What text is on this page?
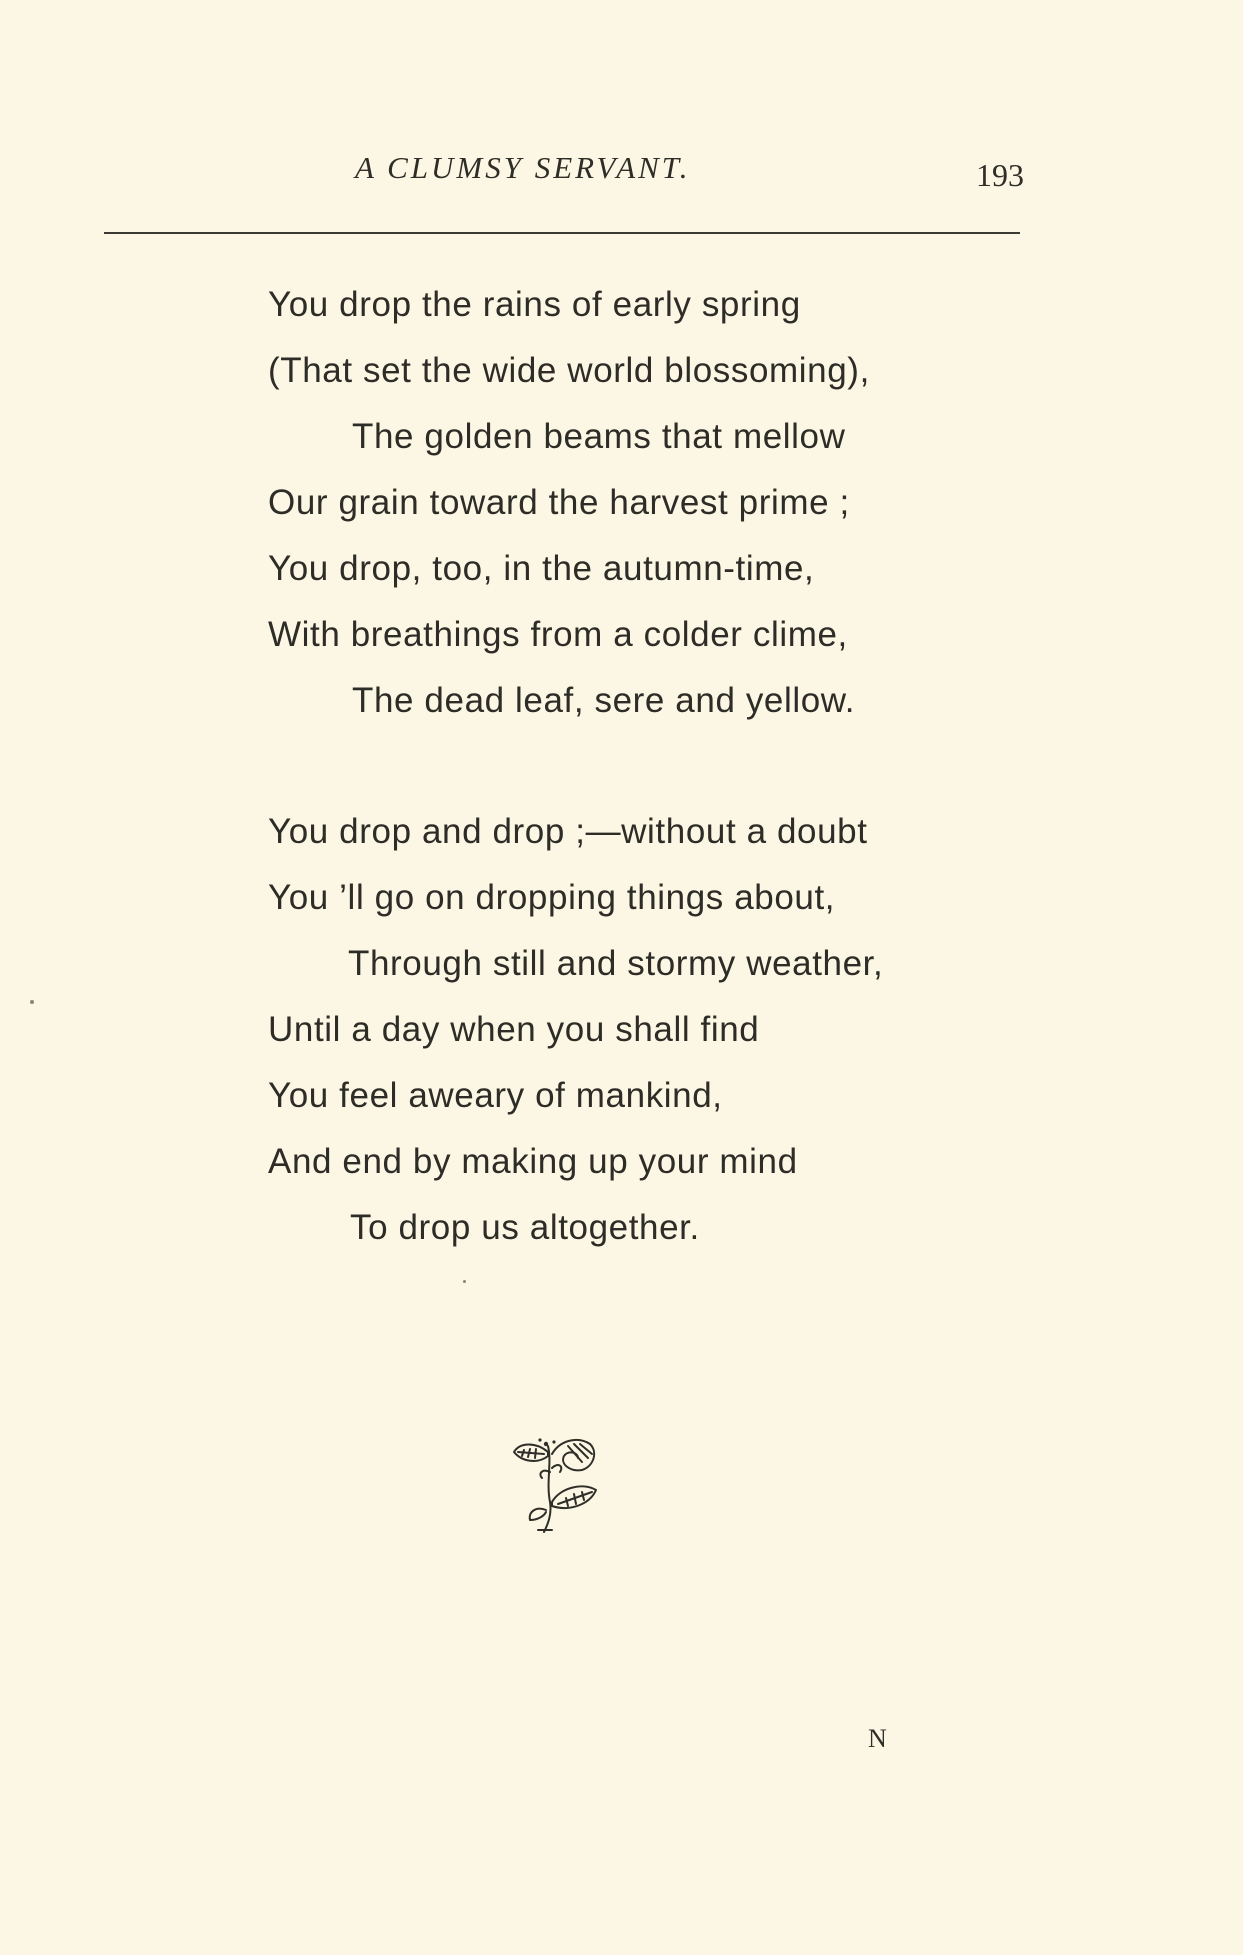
A CLUMSY SERVANT.	193
You drop the rains of early spring
(That set the wide world blossoming),
The golden beams that mellow
Our grain toward the harvest prime ;
You drop, too, in the autumn-time,
With breathings from a colder clime,
The dead leaf, sere and yellow.
You drop and drop ;—without a doubt
You ’ll go on dropping things about,
Through still and stormy weather,
Until a day when you shall find
You feel aweary of mankind,
And end by making up your mind
To drop us altogether.
N
